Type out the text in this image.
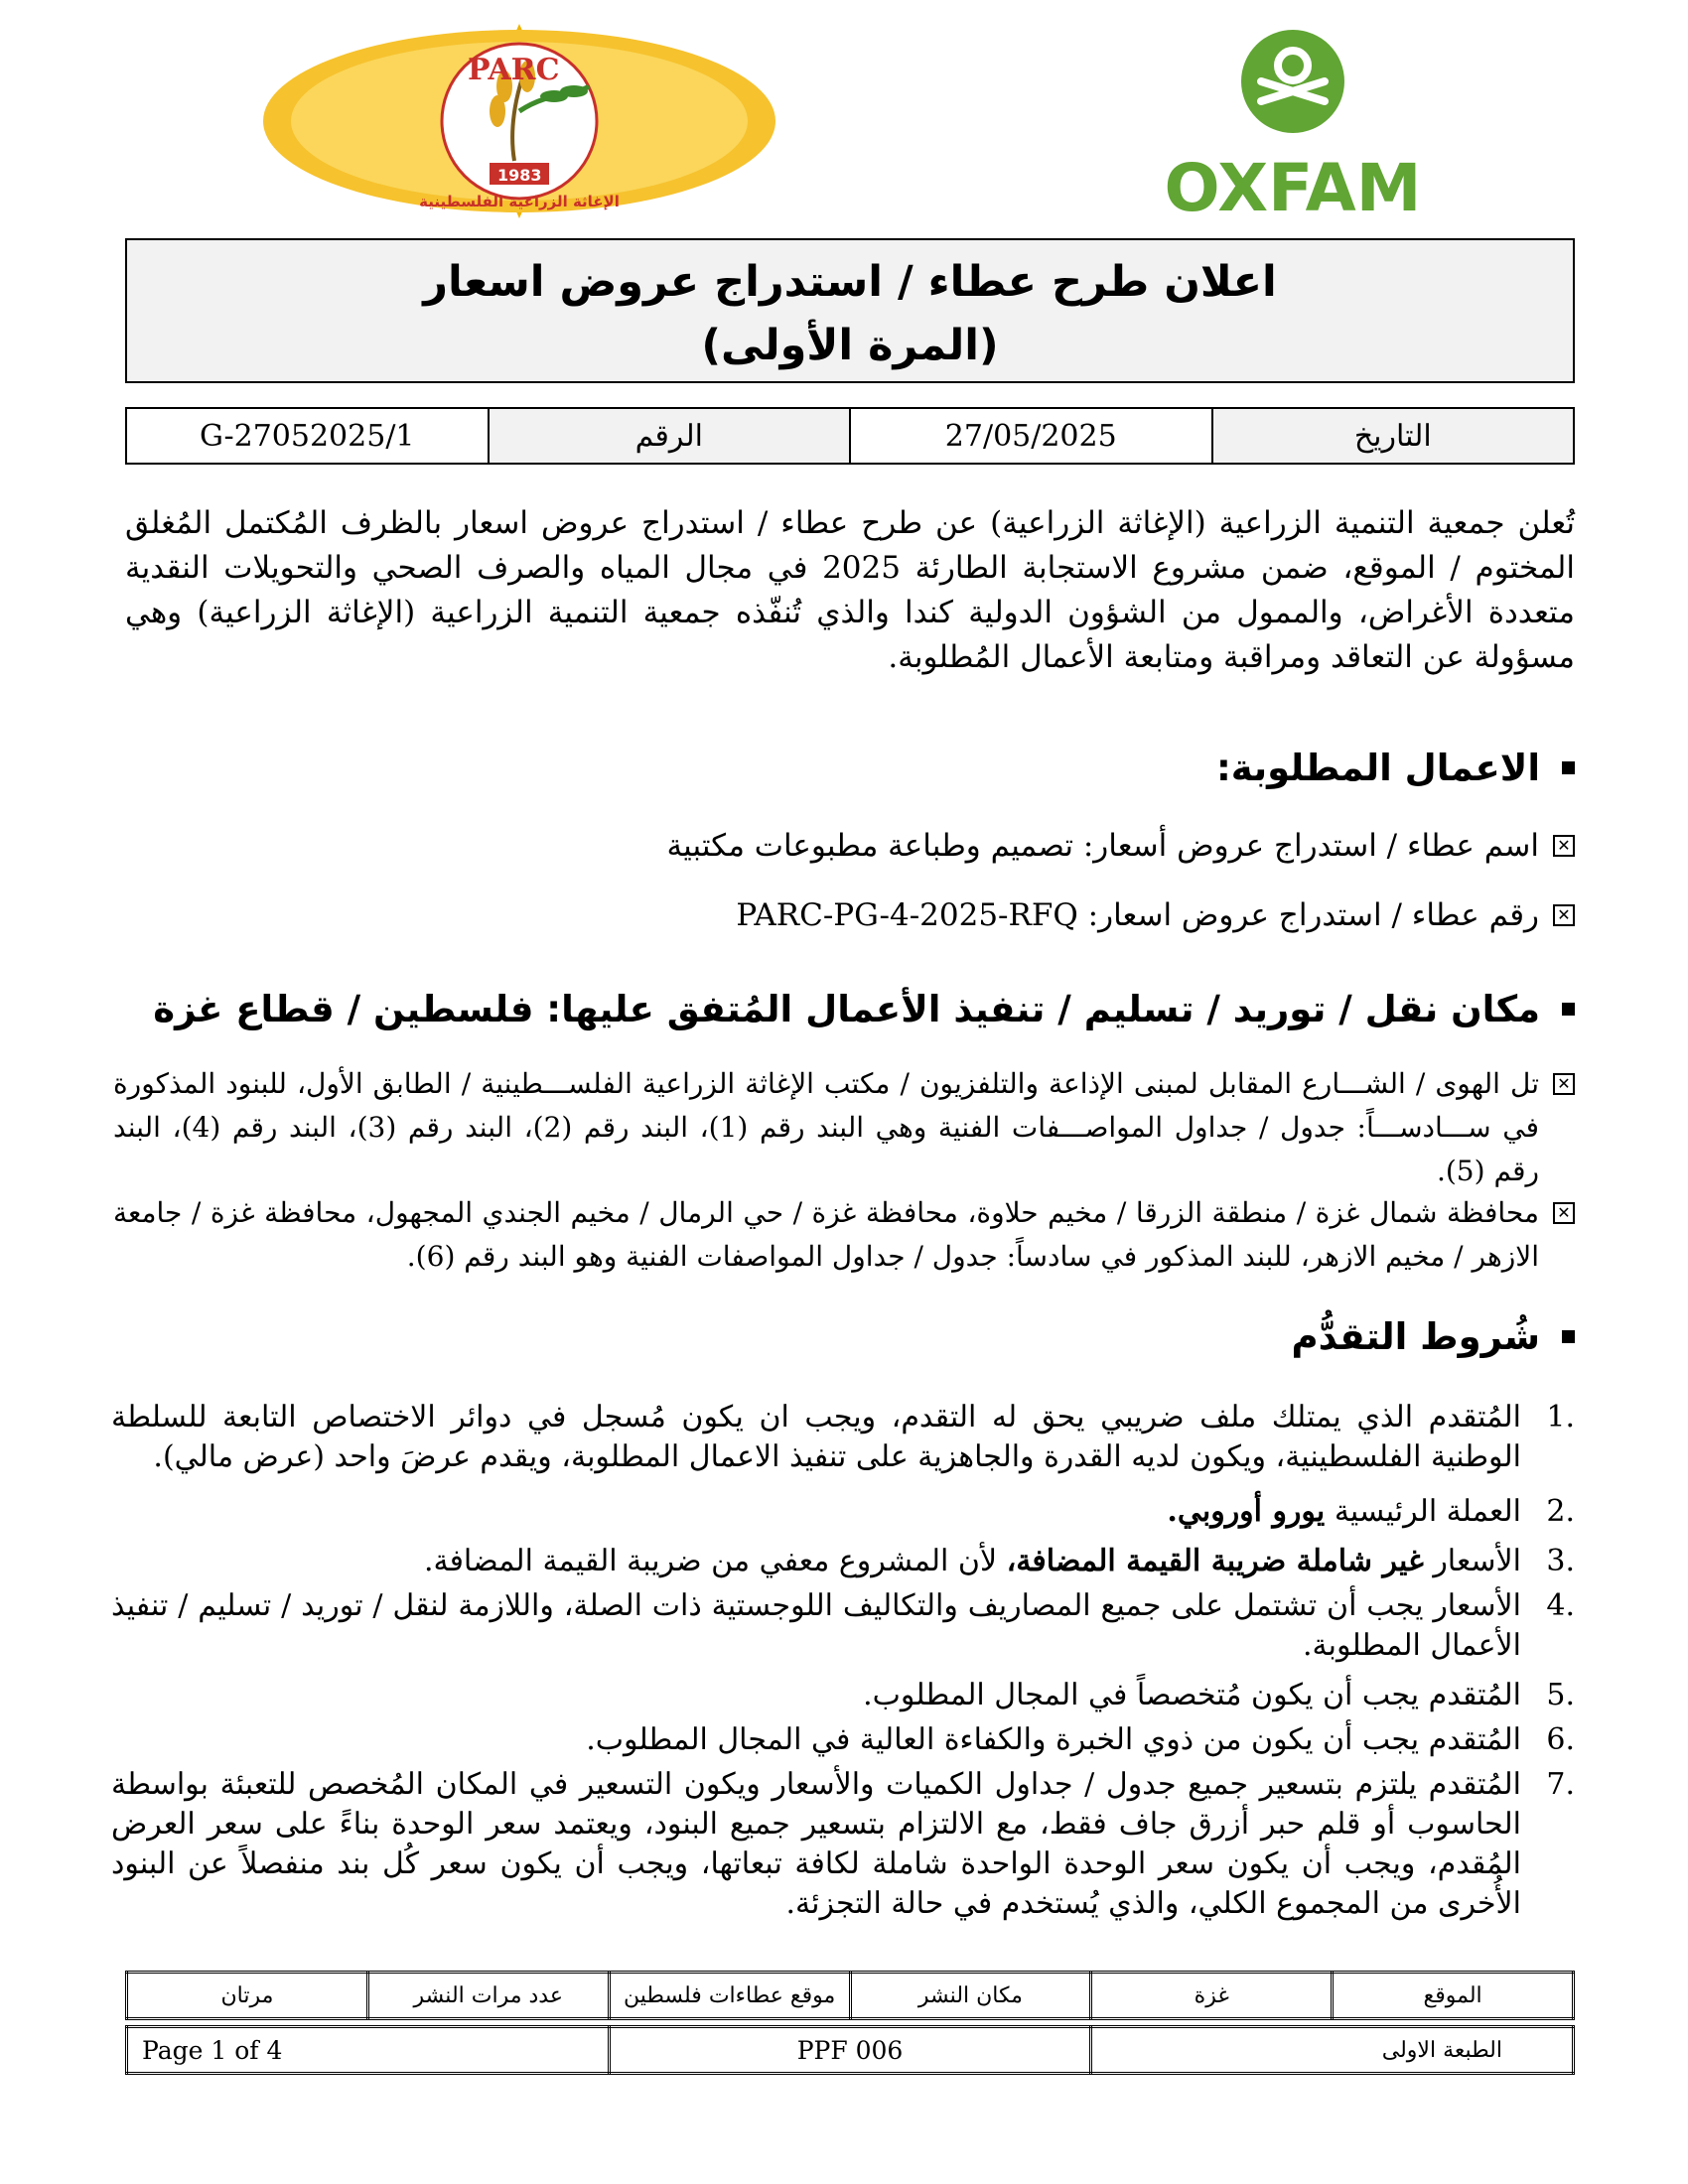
PARC
1983
الإغاثة الزراعية الفلسطينية	OXFAM
اعلان طرح عطاء / استدراج عروض اسعار
(المرة الأولى)
التاريخ	27/05/2025	الرقم	G-27052025/1
تُعلن جمعية التنمية الزراعية (الإغاثة الزراعية) عن طرح عطاء / استدراج عروض اسعار بالظرف المُكتمل المُغلق المختوم / الموقع، ضمن مشروع الاستجابة الطارئة 2025 في مجال المياه والصرف الصحي والتحويلات النقدية متعددة الأغراض، والممول من الشؤون الدولية كندا والذي تُنفّذه جمعية التنمية الزراعية (الإغاثة الزراعية) وهي مسؤولة عن التعاقد ومراقبة ومتابعة الأعمال المُطلوبة.
الاعمال المطلوبة:
✕
اسم عطاء / استدراج عروض أسعار: تصميم وطباعة مطبوعات مكتبية
✕
رقم عطاء / استدراج عروض اسعار: PARC-PG-4-2025-RFQ
مكان نقل / توريد / تسليم / تنفيذ الأعمال المُتفق عليها: فلسطين / قطاع غزة
✕
تل الهوى / الشـــارع المقابل لمبنى الإذاعة والتلفزيون / مكتب الإغاثة الزراعية الفلســـطينية / الطابق الأول، للبنود المذكورة في ســـادســـاً: جدول / جداول المواصـــفات الفنية وهي البند رقم (1)، البند رقم (2)، البند رقم (3)، البند رقم (4)، البند رقم (5).
✕
محافظة شمال غزة / منطقة الزرقا / مخيم حلاوة، محافظة غزة / حي الرمال / مخيم الجندي المجهول، محافظة غزة / جامعة الازهر / مخيم الازهر، للبند المذكور في سادساً: جدول / جداول المواصفات الفنية وهو البند رقم (6).
شُروط التقدُّم
1.
المُتقدم الذي يمتلك ملف ضريبي يحق له التقدم، ويجب ان يكون مُسجل في دوائر الاختصاص التابعة للسلطة الوطنية الفلسطينية، ويكون لديه القدرة والجاهزية على تنفيذ الاعمال المطلوبة، ويقدم عرضَ واحد (عرض مالي).
2.
العملة الرئيسية يورو أوروبي.
3.
الأسعار غير شاملة ضريبة القيمة المضافة، لأن المشروع معفي من ضريبة القيمة المضافة.
4.
الأسعار يجب أن تشتمل على جميع المصاريف والتكاليف اللوجستية ذات الصلة، واللازمة لنقل / توريد / تسليم / تنفيذ الأعمال المطلوبة.
5.
المُتقدم يجب أن يكون مُتخصصاً في المجال المطلوب.
6.
المُتقدم يجب أن يكون من ذوي الخبرة والكفاءة العالية في المجال المطلوب.
7.
المُتقدم يلتزم بتسعير جميع جدول / جداول الكميات والأسعار ويكون التسعير في المكان المُخصص للتعبئة بواسطة الحاسوب أو قلم حبر أزرق جاف فقط، مع الالتزام بتسعير جميع البنود، ويعتمد سعر الوحدة بناءً على سعر العرض المُقدم، ويجب أن يكون سعر الوحدة الواحدة شاملة لكافة تبعاتها، ويجب أن يكون سعر كُل بند منفصلاً عن البنود الأُخرى من المجموع الكلي، والذي يُستخدم في حالة التجزئة.
الموقع	غزة	مكان النشر	موقع عطاءات فلسطين	عدد مرات النشر	مرتان
الطبعة الاولى	PPF 006	Page 1 of 4
